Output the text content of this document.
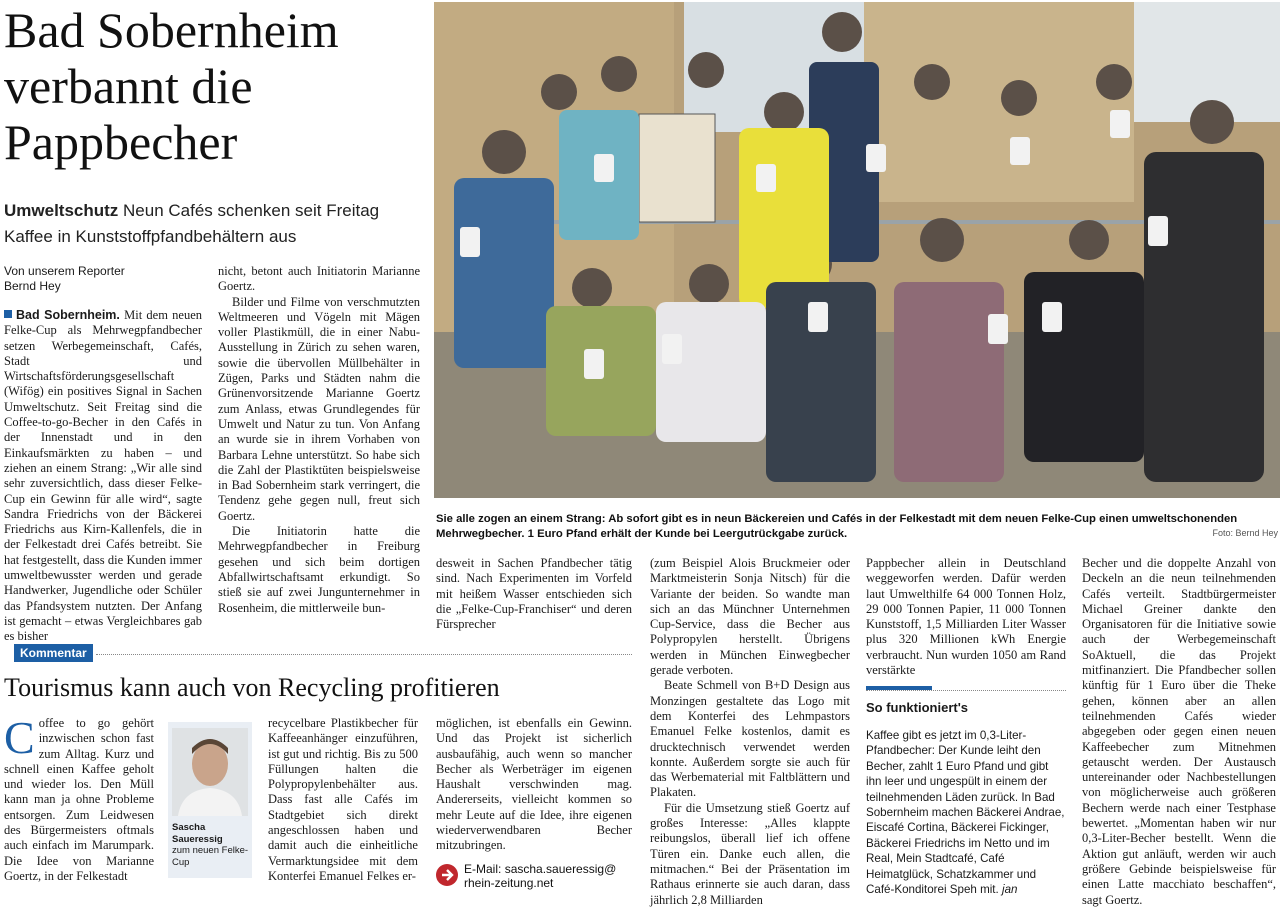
Bad Sobernheim verbannt die Pappbecher
Umweltschutz Neun Cafés schenken seit Freitag Kaffee in Kunststoffpfandbehältern aus
Von unserem Reporter
Bernd Hey

Bad Sobernheim. Mit dem neuen Felke-Cup als Mehrwegpfandbecher setzen Werbegemeinschaft, Cafés, Stadt und Wirtschaftsförderungsgesellschaft (Wifög) ein positives Signal in Sachen Umweltschutz. Seit Freitag sind die Coffee-to-go-Becher in den Cafés in der Innenstadt und in den Einkaufsmärkten zu haben – und ziehen an einem Strang: „Wir alle sind sehr zuversichtlich, dass dieser Felke-Cup ein Gewinn für alle wird“, sagte Sandra Friedrichs von der Bäckerei Friedrichs aus Kirn-Kallenfels, die in der Felkestadt drei Cafés betreibt. Sie hat festgestellt, dass die Kunden immer umweltbewusster werden und gerade Handwerker, Jugendliche oder Schüler das Pfandsystem nutzten. Der Anfang ist gemacht – etwas Vergleichbares gab es bisher

nicht, betont auch Initiatorin Marianne Goertz.

Bilder und Filme von verschmutzten Weltmeeren und Vögeln mit Mägen voller Plastikmüll, die in einer Nabu-Ausstellung in Zürich zu sehen waren, sowie die übervollen Müllbehälter in Zügen, Parks und Städten nahm die Grünenvorsitzende Marianne Goertz zum Anlass, etwas Grundlegendes für Umwelt und Natur zu tun. Von Anfang an wurde sie in ihrem Vorhaben von Barbara Lehne unterstützt. So habe sich die Zahl der Plastiktüten beispielsweise in Bad Sobernheim stark verringert, die Tendenz gehe gegen null, freut sich Goertz.

Die Initiatorin hatte die Mehrwegpfandbecher in Freiburg gesehen und sich beim dortigen Abfallwirtschaftsamt erkundigt. So stieß sie auf zwei Jungunternehmer in Rosenheim, die mittlerweile bun-

Sie alle zogen an einem Strang: Ab sofort gibt es in neun Bäckereien und Cafés in der Felkestadt mit dem neuen Felke-Cup einen umweltschonenden Mehrwegbecher. 1 Euro Pfand erhält der Kunde bei Leergutrückgabe zurück.	Foto: Bernd Hey

desweit in Sachen Pfandbecher tätig sind. Nach Experimenten im Vorfeld mit heißem Wasser entschieden sich die „Felke-Cup-Franchiser“ und deren Fürsprecher

(zum Beispiel Alois Bruckmeier oder Marktmeisterin Sonja Nitsch) für die Variante der beiden. So wandte man sich an das Münchner Unternehmen Cup-Service, dass die Becher aus Polypropylen herstellt. Übrigens werden in München Einwegbecher gerade verboten.

Beate Schmell von B+D Design aus Monzingen gestaltete das Logo mit dem Konterfei des Lehmpastors Emanuel Felke kostenlos, damit es drucktechnisch verwendet werden konnte. Außerdem sorgte sie auch für das Werbematerial mit Faltblättern und Plakaten.

Für die Umsetzung stieß Goertz auf großes Interesse: „Alles klappte reibungslos, überall lief ich offene Türen ein. Danke euch allen, die mitmachen.“ Bei der Präsentation im Rathaus erinnerte sie auch daran, dass jährlich 2,8 Milliarden

Pappbecher allein in Deutschland weggeworfen werden. Dafür werden laut Umwelthilfe 64 000 Tonnen Holz, 29 000 Tonnen Papier, 11 000 Tonnen Kunststoff, 1,5 Milliarden Liter Wasser plus 320 Millionen kWh Energie verbraucht. Nun wurden 1050 am Rand verstärkte

Becher und die doppelte Anzahl von Deckeln an die neun teilnehmenden Cafés verteilt. Stadtbürgermeister Michael Greiner dankte den Organisatoren für die Initiative sowie auch der Werbegemeinschaft SoAktuell, die das Projekt mitfinanziert. Die Pfandbecher sollen künftig für 1 Euro über die Theke gehen, können aber an allen teilnehmenden Cafés wieder abgegeben oder gegen einen neuen Kaffeebecher zum Mitnehmen getauscht werden. Der Austausch untereinander oder Nachbestellungen von möglicherweise auch größeren Bechern werde nach einer Testphase bewertet. „Momentan haben wir nur 0,3-Liter-Becher bestellt. Wenn die Aktion gut anläuft, werden wir auch größere Gebinde beispielsweise für einen Latte macchiato beschaffen“, sagt Goertz.

Kommentar
Tourismus kann auch von Recycling profitieren

Coffee to go gehört inzwischen schon fast zum Alltag. Kurz und schnell einen Kaffee geholt und wieder los. Den Müll kann man ja ohne Probleme entsorgen. Zum Leidwesen des Bürgermeisters oftmals auch einfach im Marumpark. Die Idee von Marianne Goertz, in der Felkestadt

Sascha
Saueressig
zum neuen Felke-Cup

recycelbare Plastikbecher für Kaffeeanhänger einzuführen, ist gut und richtig. Bis zu 500 Füllungen halten die Polypropylenbehälter aus. Dass fast alle Cafés im Stadtgebiet sich direkt angeschlossen haben und damit auch die einheitliche Vermarktungsidee mit dem Konterfei Emanuel Felkes er-

möglichen, ist ebenfalls ein Gewinn. Und das Projekt ist sicherlich ausbaufähig, auch wenn so mancher Becher als Werbeträger im eigenen Haushalt verschwinden mag. Andererseits, vielleicht kommen so mehr Leute auf die Idee, ihre eigenen wiederverwendbaren Becher mitzubringen.

E-Mail: sascha.saueressig@
rhein-zeitung.net
So funktioniert's
Kaffee gibt es jetzt im 0,3-Liter-Pfandbecher: Der Kunde leiht den Becher, zahlt 1 Euro Pfand und gibt ihn leer und ungespült in einem der teilnehmenden Läden zurück. In Bad Sobernheim machen Bäckerei Andrae, Eiscafé Cortina, Bäckerei Fickinger, Bäckerei Friedrichs im Netto und im Real, Mein Stadtcafé, Café Heimatglück, Schatzkammer und Café-Konditorei Speh mit. jan
